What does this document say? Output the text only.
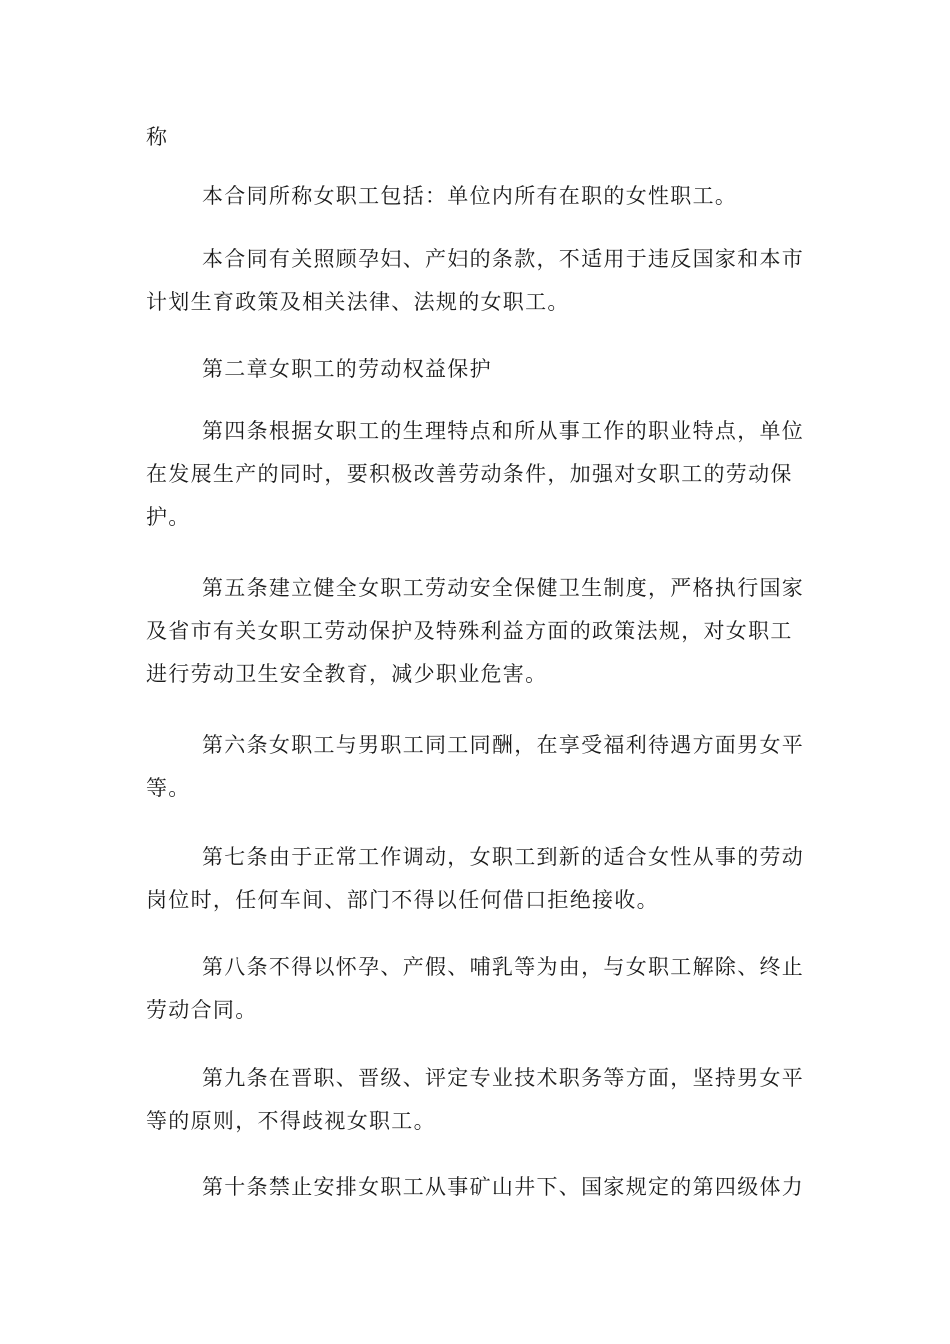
称

本合同所称女职工包括：单位内所有在职的女性职工。

本合同有关照顾孕妇、产妇的条款，不适用于违反国家和本市计划生育政策及相关法律、法规的女职工。

第二章女职工的劳动权益保护

第四条根据女职工的生理特点和所从事工作的职业特点，单位在发展生产的同时，要积极改善劳动条件，加强对女职工的劳动保护。

第五条建立健全女职工劳动安全保健卫生制度，严格执行国家及省市有关女职工劳动保护及特殊利益方面的政策法规，对女职工进行劳动卫生安全教育，减少职业危害。

第六条女职工与男职工同工同酬，在享受福利待遇方面男女平等。

第七条由于正常工作调动，女职工到新的适合女性从事的劳动岗位时，任何车间、部门不得以任何借口拒绝接收。

第八条不得以怀孕、产假、哺乳等为由，与女职工解除、终止劳动合同。

第九条在晋职、晋级、评定专业技术职务等方面，坚持男女平等的原则，不得歧视女职工。

第十条禁止安排女职工从事矿山井下、国家规定的第四级体力
